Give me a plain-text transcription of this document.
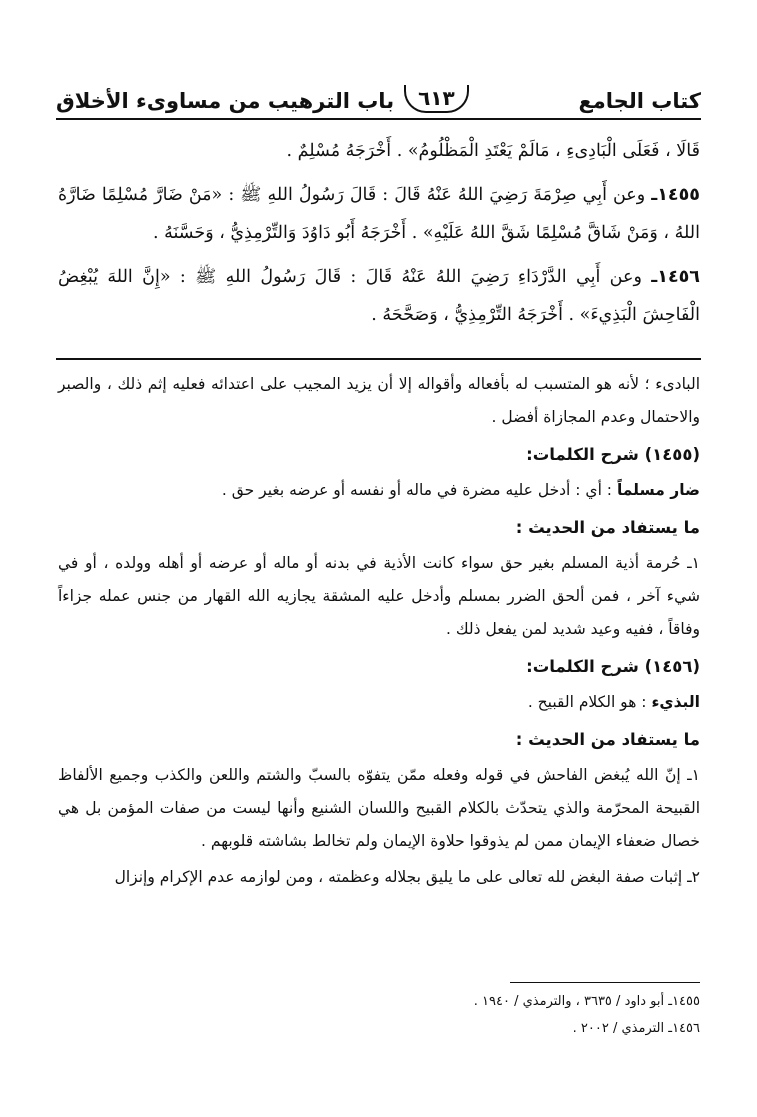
كتاب الجامع
٦١٣
باب الترهيب من مساوىء الأخلاق

قَالَا ، فَعَلَى الْبَادِىءِ ، مَالَمْ يَعْتَدِ الْمَظْلُومُ» . أَخْرَجَهُ مُسْلِمٌ .

١٤٥٥ـ وعن أَبِي صِرْمَةَ رَضِيَ اللهُ عَنْهُ قَالَ : قَالَ رَسُولُ اللهِ ﷺ : «مَنْ ضَارَّ مُسْلِمًا ضَارَّهُ اللهُ ، وَمَنْ شَاقَّ مُسْلِمًا شَقَّ اللهُ عَلَيْهِ» . أَخْرَجَهُ أَبُو دَاوُدَ وَالتِّرْمِذِيُّ ، وَحَسَّنَهُ .

١٤٥٦ـ وعن أَبِي الدَّرْدَاءِ رَضِيَ اللهُ عَنْهُ قَالَ : قَالَ رَسُولُ اللهِ ﷺ : «إِنَّ اللهَ يُبْغِضُ الْفَاحِشَ الْبَذِيءَ» . أَخْرَجَهُ التِّرْمِذِيُّ ، وَصَحَّحَهُ .

البادىء ؛ لأنه هو المتسبب له بأفعاله وأقواله إلا أن يزيد المجيب على اعتدائه فعليه إثم ذلك ، والصبر والاحتمال وعدم المجازاة أفضل .

(١٤٥٥) شرح الكلمات:

ضار مسلماً : أي : أدخل عليه مضرة في ماله أو نفسه أو عرضه بغير حق .

ما يستفاد من الحديث :

١ـ حُرمة أذية المسلم بغير حق سواء كانت الأذية في بدنه أو ماله أو عرضه أو أهله وولده ، أو في شيء آخر ، فمن ألحق الضرر بمسلم وأدخل عليه المشقة يجازيه الله القهار من جنس عمله جزاءاً وفاقاً ، ففيه وعيد شديد لمن يفعل ذلك .

(١٤٥٦) شرح الكلمات:

البذيء : هو الكلام القبيح .

ما يستفاد من الحديث :

١ـ إنّ الله يُبغض الفاحش في قوله وفعله ممّن يتفوّه بالسبّ والشتم واللعن والكذب وجميع الألفاظ القبيحة المحرّمة والذي يتحدّث بالكلام القبيح واللسان الشنيع وأنها ليست من صفات المؤمن بل هي خصال ضعفاء الإيمان ممن لم يذوقوا حلاوة الإيمان ولم تخالط بشاشته قلوبهم .

٢ـ إثبات صفة البغض لله تعالى على ما يليق بجلاله وعظمته ، ومن لوازمه عدم الإكرام وإنزال

١٤٥٥ـ أبو داود / ٣٦٣٥ ، والترمذي / ١٩٤٠ .

١٤٥٦ـ الترمذي / ٢٠٠٢ .
